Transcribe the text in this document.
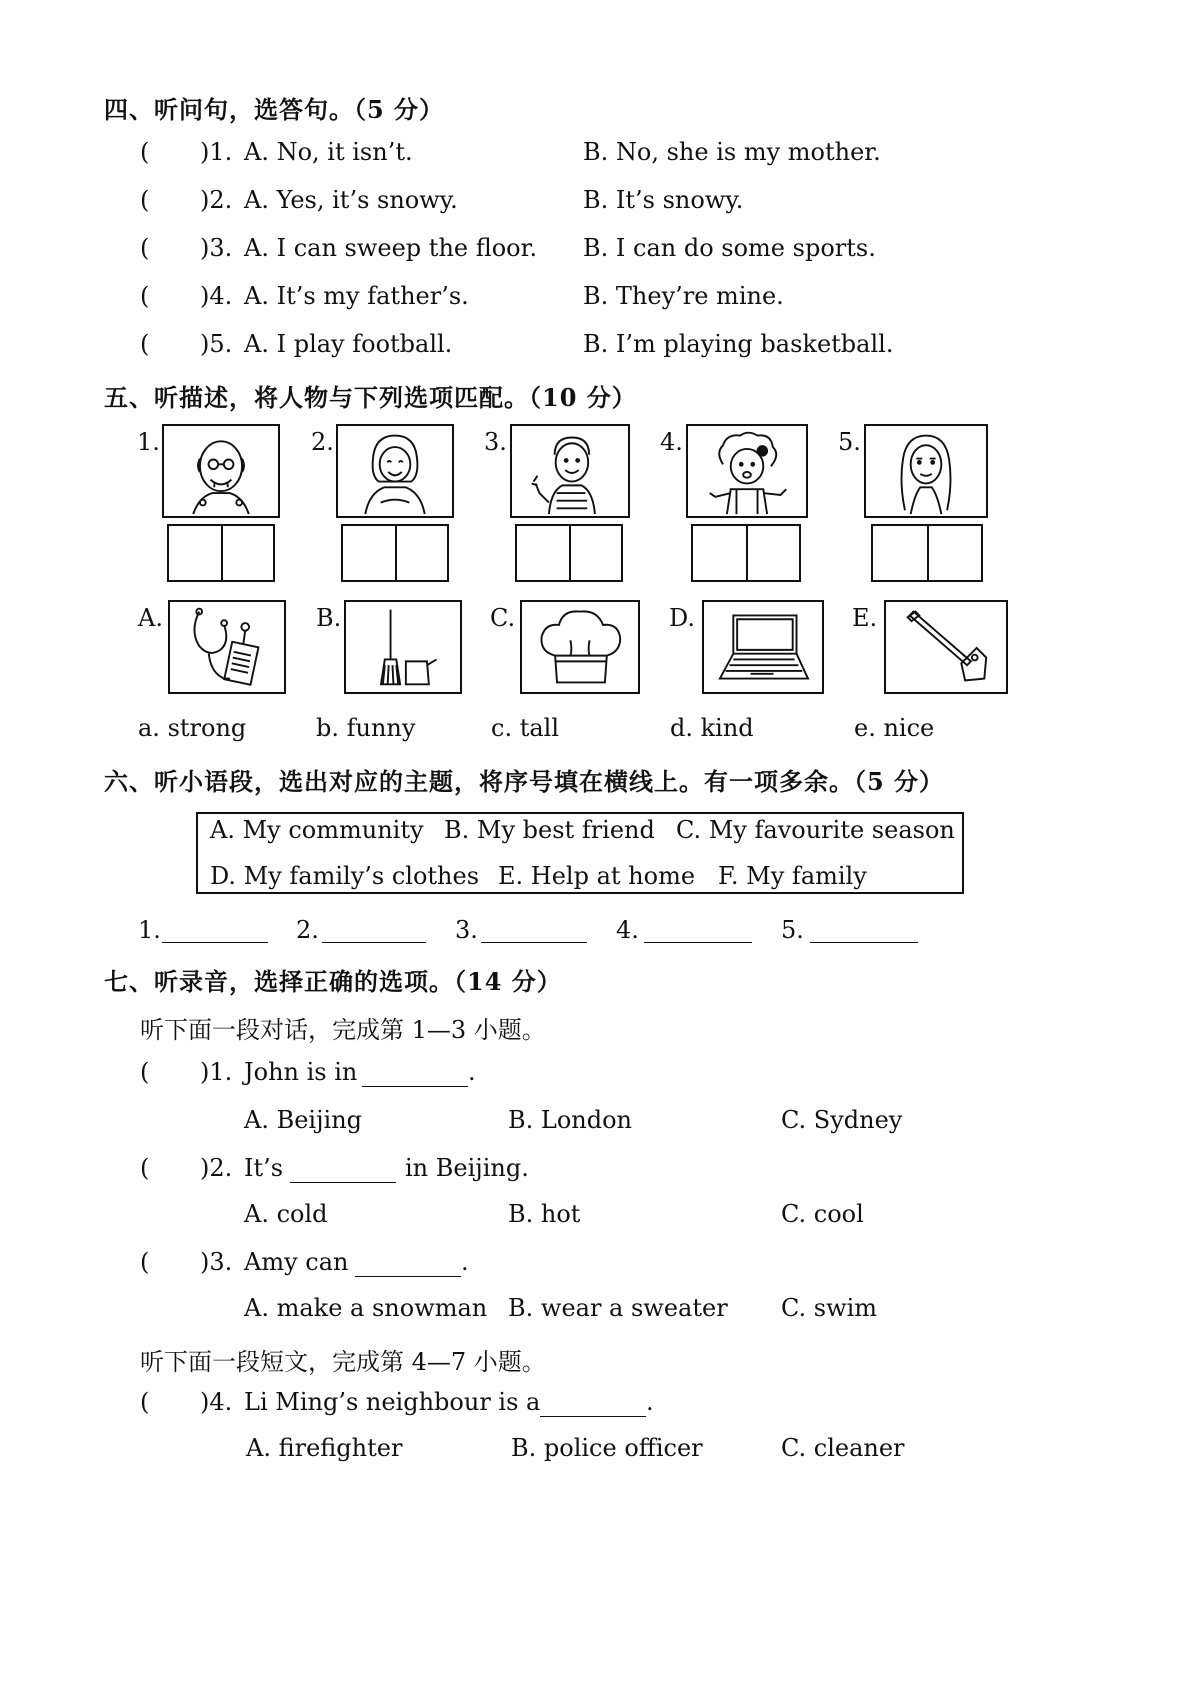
四、听问句，选答句。（5 分）
( )1. A. No, it isn’t.	B. No, she is my mother.
( )2. A. Yes, it’s snowy.	B. It’s snowy.
( )3. A. I can sweep the floor. B. I can do some sports.
( )4. A. It’s my father’s.	B. They’re mine.
( )5. A. I play football.	B. I’m playing basketball.
五、听描述，将人物与下列选项匹配。（10 分）
1.	2.	3.	4.	5.
A.	B.	C.	D.	E.
a. strong	b. funny	c. tall	d. kind	e. nice
六、听小语段，选出对应的主题，将序号填在横线上。有一项多余。（5 分）
A. My community B. My best friend C. My favourite season
D. My family’s clothes E. Help at home F. My family
1.	2.	3.	4.	5.
七、听录音，选择正确的选项。（14 分）
听下面一段对话，完成第 1—3 小题。
( )1. John is in	.
A. Beijing	B. London	C. Sydney
( )2. It’s	in Beijing.
A. cold	B. hot	C. cool
( )3. Amy can	.
A. make a snowman B. wear a sweater C. swim
听下面一段短文，完成第 4—7 小题。
( )4. Li Ming’s neighbour is a	.
A. firefighter	B. police officer	C. cleaner
